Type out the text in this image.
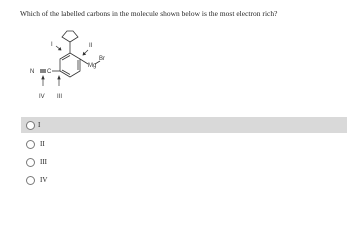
Which of the labelled carbons in the molecule shown below is the most electron rich?
I	II
Mg
Br
N C
IV III
I
II
III
IV
